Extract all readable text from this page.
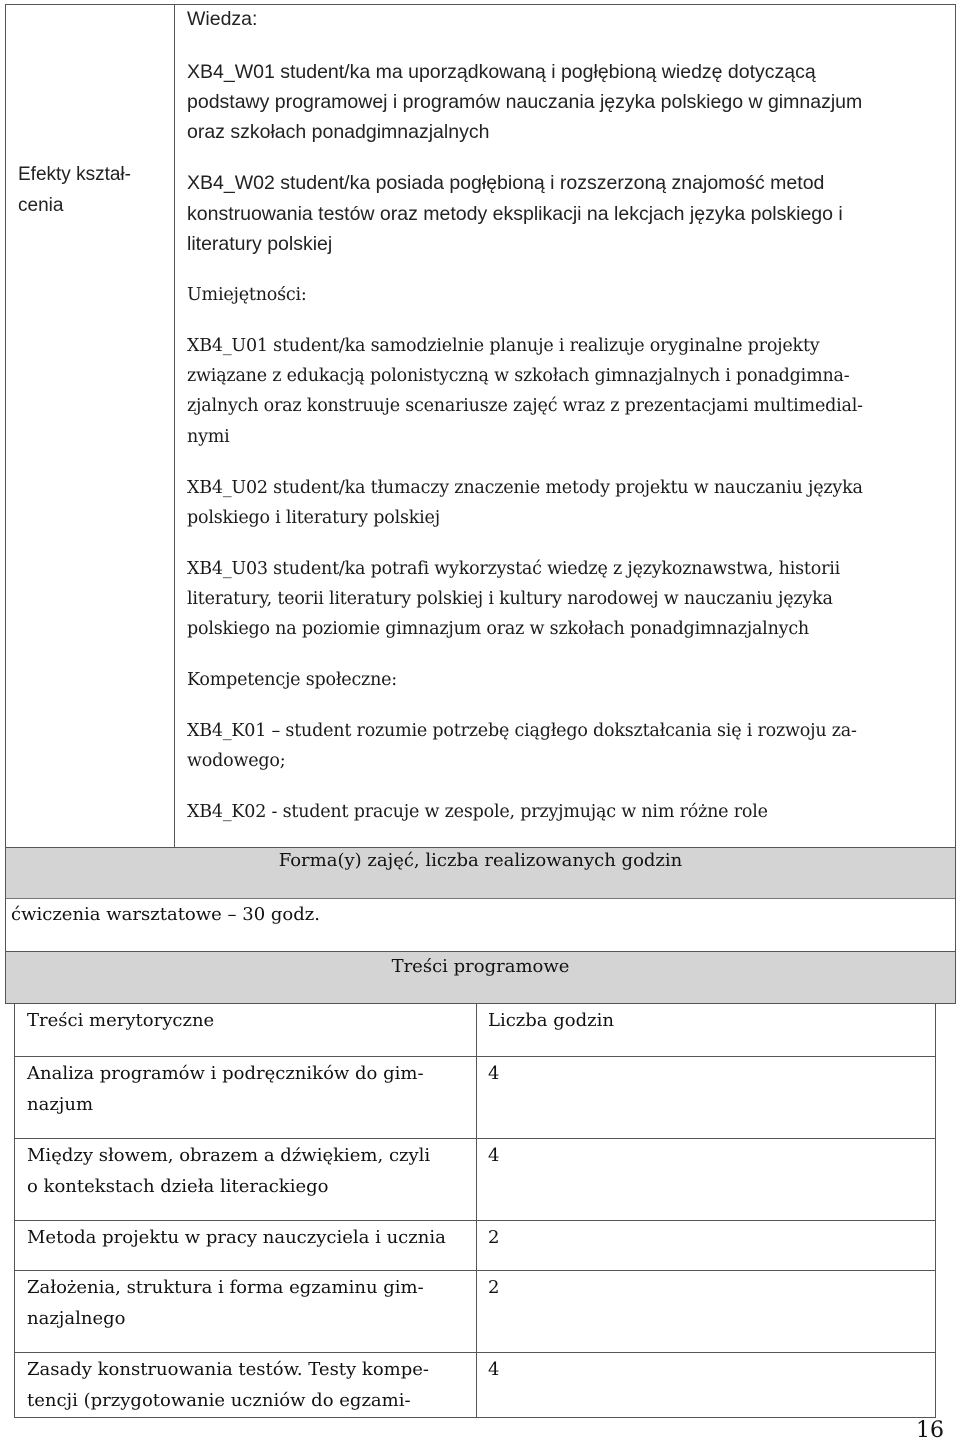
Efekty kształ-
cenia
Wiedza:
XB4_W01 student/ka ma uporządkowaną i pogłębioną wiedzę dotyczącą
podstawy programowej i programów nauczania języka polskiego w gimnazjum
oraz szkołach ponadgimnazjalnych
XB4_W02 student/ka posiada pogłębioną i rozszerzoną znajomość metod
konstruowania testów oraz metody eksplikacji na lekcjach języka polskiego i
literatury polskiej
Umiejętności:
XB4_U01 student/ka samodzielnie planuje i realizuje oryginalne projekty
związane z edukacją polonistyczną w szkołach gimnazjalnych i ponadgimna-
zjalnych oraz konstruuje scenariusze zajęć wraz z prezentacjami multimedial-
nymi
XB4_U02 student/ka tłumaczy znaczenie metody projektu w nauczaniu języka
polskiego i literatury polskiej
XB4_U03 student/ka potrafi wykorzystać wiedzę z językoznawstwa, historii
literatury, teorii literatury polskiej i kultury narodowej w nauczaniu języka
polskiego na poziomie gimnazjum oraz w szkołach ponadgimnazjalnych
Kompetencje społeczne:
XB4_K01 – student rozumie potrzebę ciągłego dokształcania się i rozwoju za-
wodowego;
XB4_K02 - student pracuje w zespole, przyjmując w nim różne role
Forma(y) zajęć, liczba realizowanych godzin
ćwiczenia warsztatowe – 30 godz.
Treści programowe
Treści merytoryczne	Liczba godzin
Analiza programów i podręczników do gim-
nazjum
4
Między słowem, obrazem a dźwiękiem, czyli
o kontekstach dzieła literackiego
4
Metoda projektu w pracy nauczyciela i ucznia 2
Założenia, struktura i forma egzaminu gim-
nazjalnego
2
Zasady konstruowania testów. Testy kompe-
tencji (przygotowanie uczniów do egzami-
4
16
